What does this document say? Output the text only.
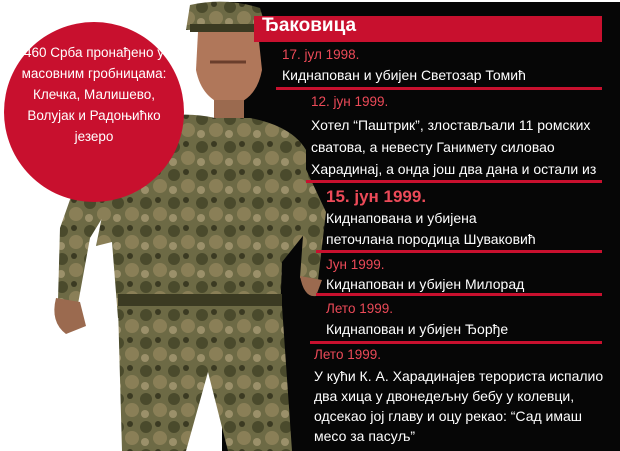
460 Срба пронађено у масовним гробницама: Клечка, Малишево, Волујак и Радоњићко језеро
Ђаковица
17. јул 1998.
Киднапован и убијен Светозар Томић
12. јун 1999.
Хотел “Паштрик”, злостављали 11 ромских
сватова, а невесту Ганимету силовао
Харадинај, а онда још два дана и остали из
15. јун 1999.
Киднапована и убијена
петочлана породица Шуваковић
Јун 1999.
Киднапован и убијен Милорад
Лето 1999.
Киднапован и убијен Ђорђе
Лето 1999.
У кући К. А. Харадинајев терориста испалио
два хица у двонедељну бебу у колевци,
одсекао јој главу и оцу рекао: “Сад имаш
месо за пасуљ”
